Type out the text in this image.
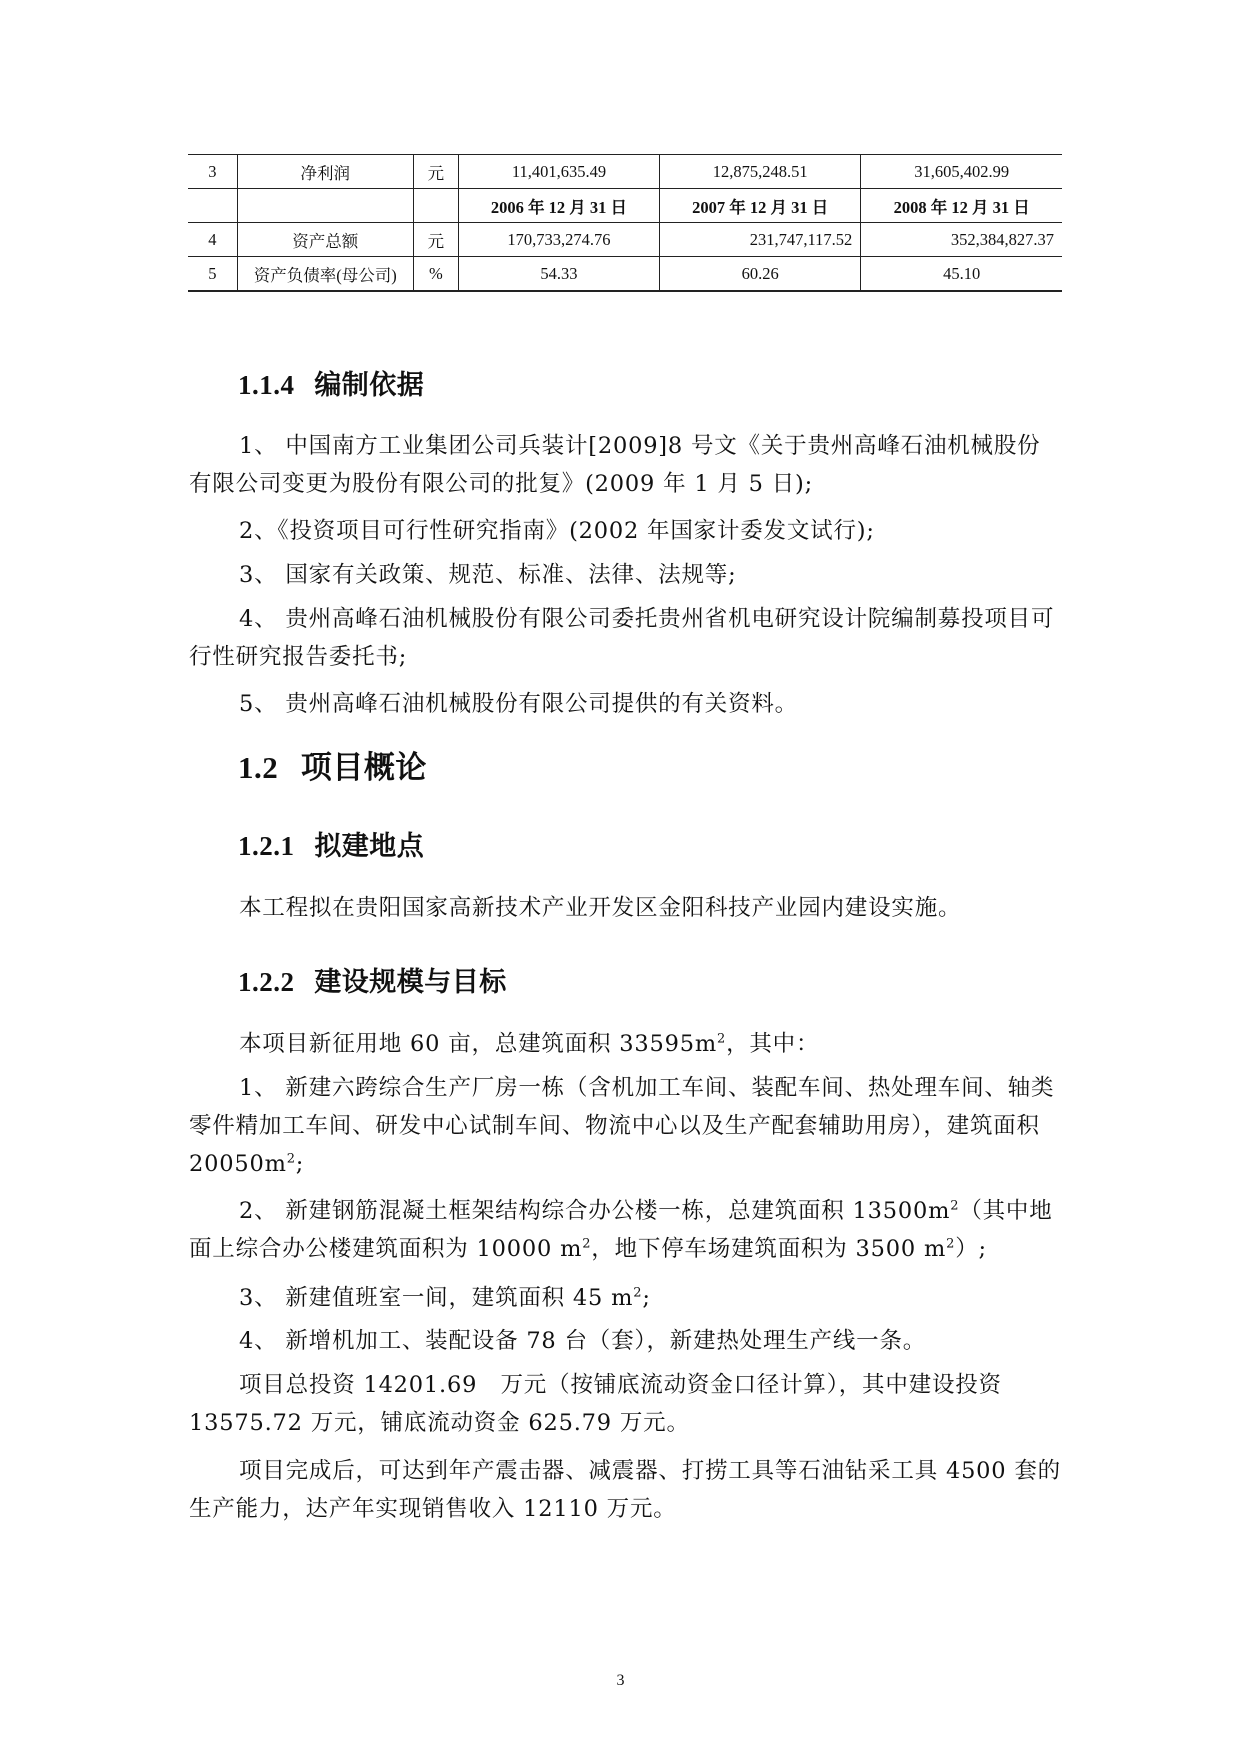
3	净利润	元	11,401,635.49	12,875,248.51	31,605,402.99
			2006 年 12 月 31 日	2007 年 12 月 31 日	2008 年 12 月 31 日
4	资产总额	元	170,733,274.76	231,747,117.52	352,384,827.37
5	资产负债率(母公司)	%	54.33	60.26	45.10
1.1.4 编制依据

1、 中国南方工业集团公司兵装计[2009]8 号文《关于贵州高峰石油机械股份有限公司变更为股份有限公司的批复》(2009 年 1 月 5 日);

2、《投资项目可行性研究指南》(2002 年国家计委发文试行);

3、 国家有关政策、规范、标准、法律、法规等;

4、 贵州高峰石油机械股份有限公司委托贵州省机电研究设计院编制募投项目可行性研究报告委托书;

5、 贵州高峰石油机械股份有限公司提供的有关资料。

1.2 项目概论
1.2.1 拟建地点

本工程拟在贵阳国家高新技术产业开发区金阳科技产业园内建设实施。

1.2.2 建设规模与目标

本项目新征用地 60 亩，总建筑面积 $33595m^2$，其中：

1、 新建六跨综合生产厂房一栋（含机加工车间、装配车间、热处理车间、轴类零件精加工车间、研发中心试制车间、物流中心以及生产配套辅助用房），建筑面积 $20050m^2$;

2、 新建钢筋混凝土框架结构综合办公楼一栋，总建筑面积 $13500m^2$（其中地面上综合办公楼建筑面积为 10000 $m^2$，地下停车场建筑面积为 3500 $m^2$）;

3、 新建值班室一间，建筑面积 45 $m^2$;

4、 新增机加工、装配设备 78 台（套），新建热处理生产线一条。

项目总投资 14201.69　万元（按铺底流动资金口径计算），其中建设投资 13575.72 万元，铺底流动资金 625.79 万元。

项目完成后，可达到年产震击器、减震器、打捞工具等石油钻采工具 4500 套的生产能力，达产年实现销售收入 12110 万元。

3
